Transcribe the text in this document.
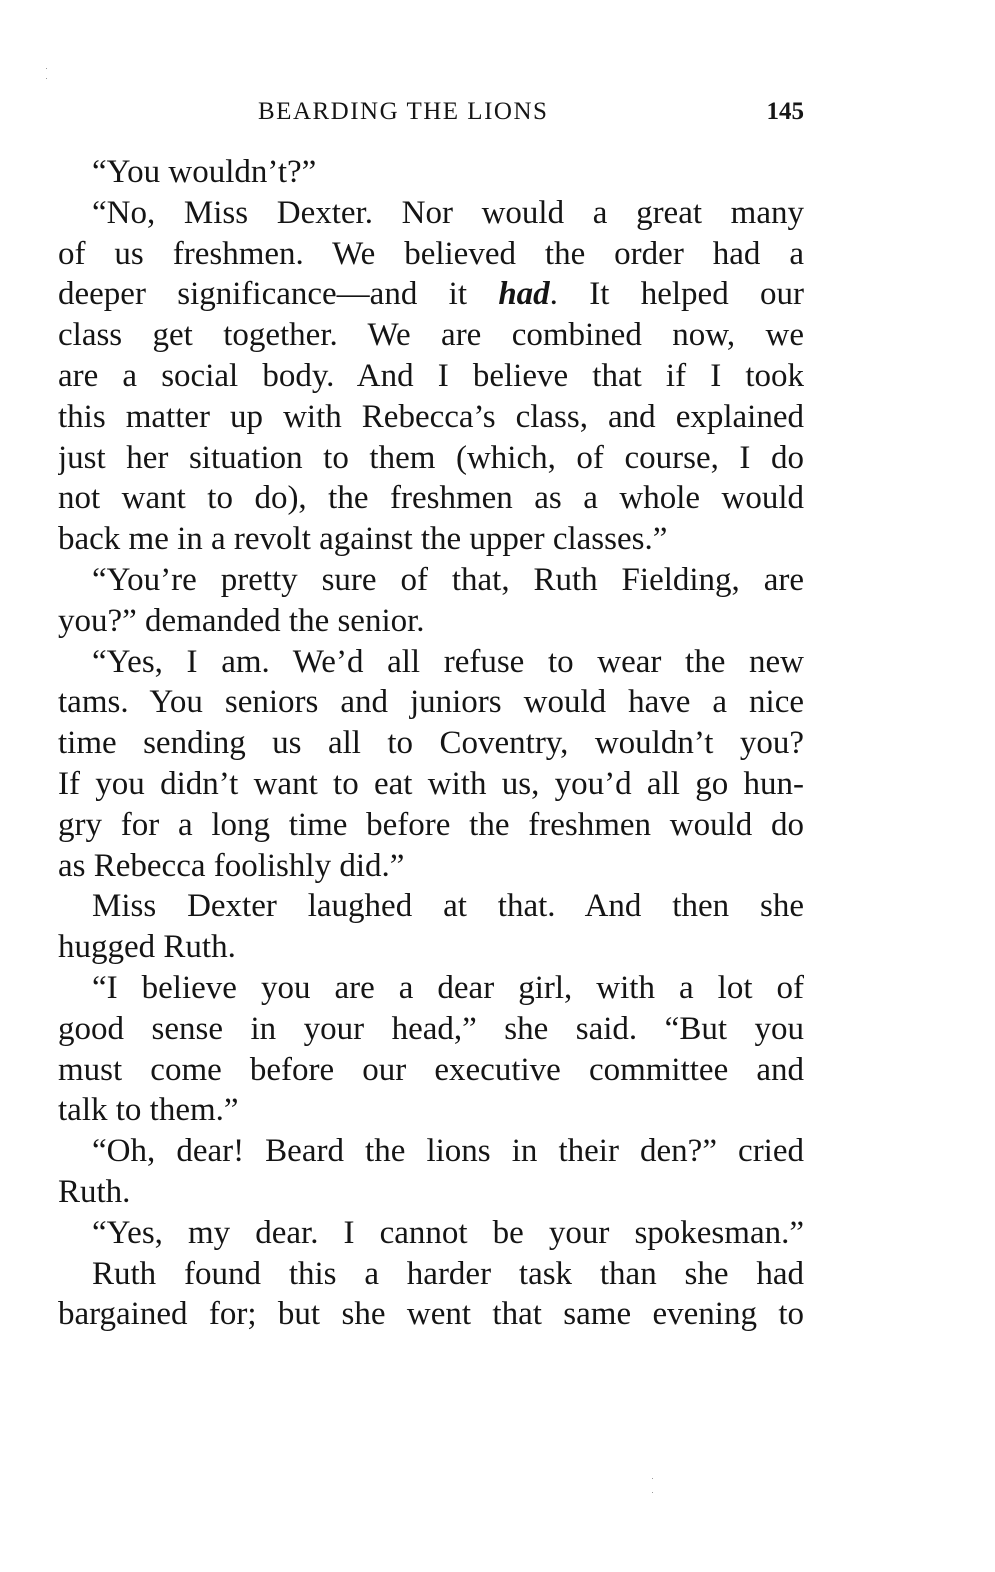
BEARDING THE LIONS	145
“You wouldn’t?”
“No, Miss Dexter. Nor would a great many
of us freshmen. We believed the order had a
deeper significance—and it had. It helped our
class get together. We are combined now, we
are a social body. And I believe that if I took
this matter up with Rebecca’s class, and explained
just her situation to them (which, of course, I do
not want to do), the freshmen as a whole would
back me in a revolt against the upper classes.”
“You’re pretty sure of that, Ruth Fielding, are
you?” demanded the senior.
“Yes, I am. We’d all refuse to wear the new
tams. You seniors and juniors would have a nice
time sending us all to Coventry, wouldn’t you?
If you didn’t want to eat with us, you’d all go hun-
gry for a long time before the freshmen would do
as Rebecca foolishly did.”
Miss Dexter laughed at that. And then she
hugged Ruth.
“I believe you are a dear girl, with a lot of
good sense in your head,” she said. “But you
must come before our executive committee and
talk to them.”
“Oh, dear! Beard the lions in their den?” cried
Ruth.
“Yes, my dear. I cannot be your spokesman.”
Ruth found this a harder task than she had
bargained for; but she went that same evening to
